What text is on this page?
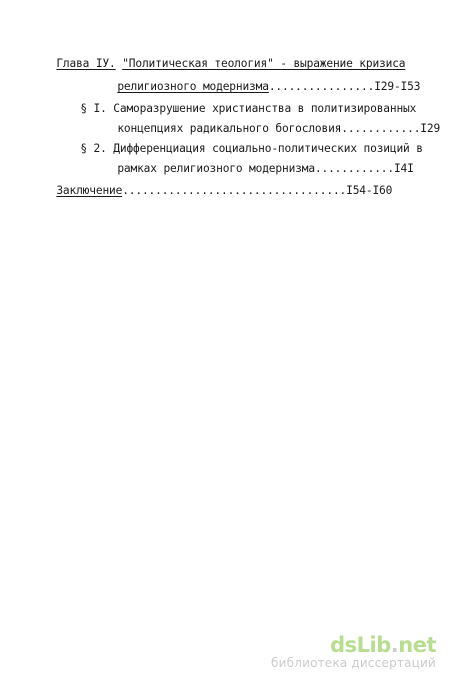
Глава IУ. "Политическая теология" - выражение кризиса

религиозного модернизма................I29-I53

§ I. Саморазрушение христианства в политизированных

концепциях радикального богословия............I29

§ 2. Дифференциация социально-политических позиций в

рамках религиозного модернизма............I4I

Заключение..................................I54-I60

dsLib.net
библиотека диссертаций
